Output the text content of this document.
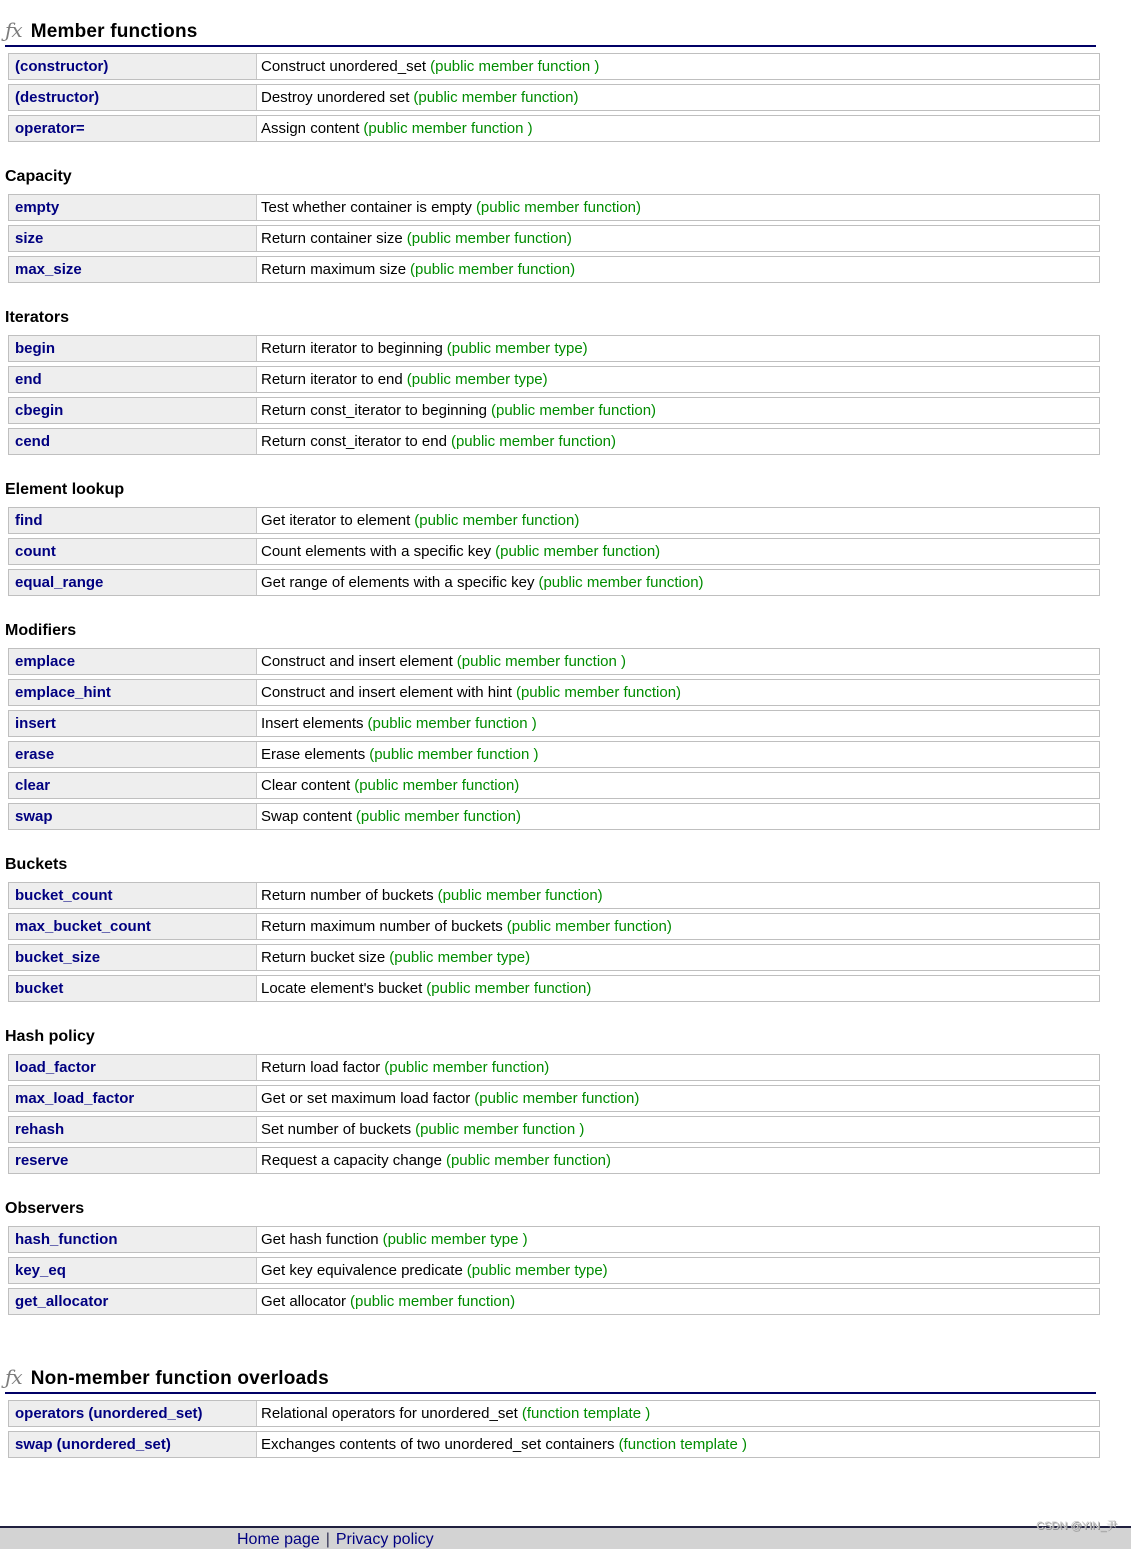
ƒx Member functions
(constructor)	Construct unordered_set (public member function )
(destructor)	Destroy unordered set (public member function)
operator=	Assign content (public member function )
Capacity
empty	Test whether container is empty (public member function)
size	Return container size (public member function)
max_size	Return maximum size (public member function)
Iterators
begin	Return iterator to beginning (public member type)
end	Return iterator to end (public member type)
cbegin	Return const_iterator to beginning (public member function)
cend	Return const_iterator to end (public member function)
Element lookup
find	Get iterator to element (public member function)
count	Count elements with a specific key (public member function)
equal_range	Get range of elements with a specific key (public member function)
Modifiers
emplace	Construct and insert element (public member function )
emplace_hint	Construct and insert element with hint (public member function)
insert	Insert elements (public member function )
erase	Erase elements (public member function )
clear	Clear content (public member function)
swap	Swap content (public member function)
Buckets
bucket_count	Return number of buckets (public member function)
max_bucket_count	Return maximum number of buckets (public member function)
bucket_size	Return bucket size (public member type)
bucket	Locate element's bucket (public member function)
Hash policy
load_factor	Return load factor (public member function)
max_load_factor	Get or set maximum load factor (public member function)
rehash	Set number of buckets (public member function )
reserve	Request a capacity change (public member function)
Observers
hash_function	Get hash function (public member type )
key_eq	Get key equivalence predicate (public member type)
get_allocator	Get allocator (public member function)
ƒx Non-member function overloads
operators (unordered_set)	Relational operators for unordered_set (function template )
swap (unordered_set)	Exchanges contents of two unordered_set containers (function template )
Home page | Privacy policy
CSDN @YIN_尹
